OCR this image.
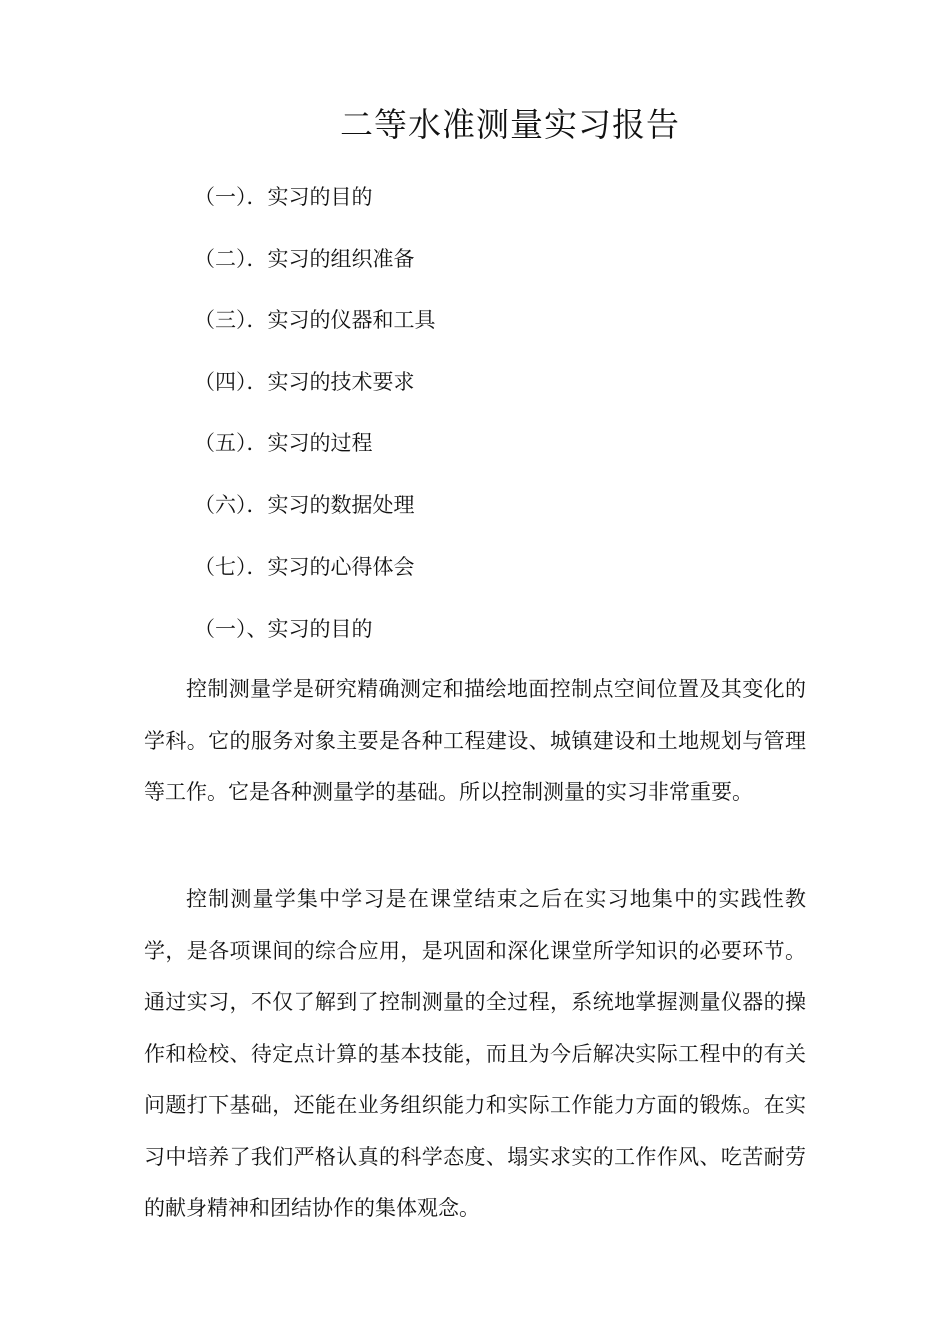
二等水准测量实习报告
（一）．实习的目的
（二）．实习的组织准备
（三）．实习的仪器和工具
（四）．实习的技术要求
（五）．实习的过程
（六）．实习的数据处理
（七）．实习的心得体会
（一）、实习的目的

控制测量学是研究精确测定和描绘地面控制点空间位置及其变化的学科。它的服务对象主要是各种工程建设、城镇建设和土地规划与管理等工作。它是各种测量学的基础。所以控制测量的实习非常重要。

控制测量学集中学习是在课堂结束之后在实习地集中的实践性教学，是各项课间的综合应用，是巩固和深化课堂所学知识的必要环节。通过实习，不仅了解到了控制测量的全过程，系统地掌握测量仪器的操作和检校、待定点计算的基本技能，而且为今后解决实际工程中的有关问题打下基础，还能在业务组织能力和实际工作能力方面的锻炼。在实习中培养了我们严格认真的科学态度、塌实求实的工作作风、吃苦耐劳的献身精神和团结协作的集体观念。
